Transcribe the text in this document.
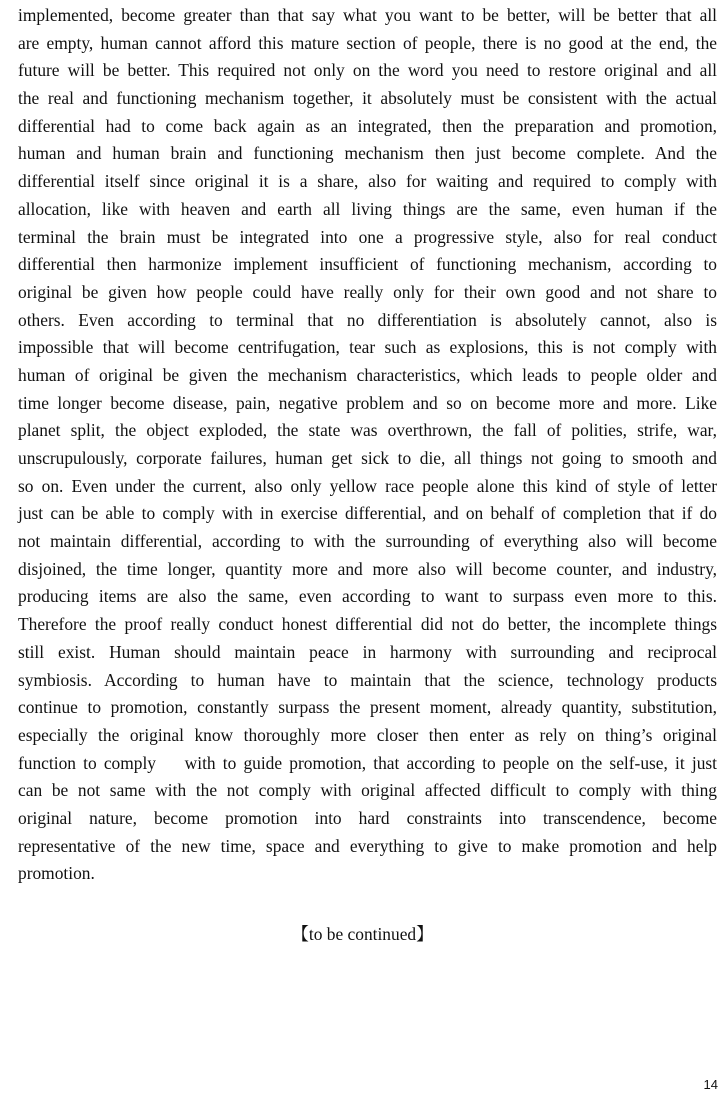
implemented, become greater than that say what you want to be better, will be better that all
are empty, human cannot afford this mature section of people, there is no good at the end, the
future will be better. This required not only on the word you need to restore original and all
the real and functioning mechanism together, it absolutely must be consistent with the actual
differential had to come back again as an integrated, then the preparation and promotion,
human and human brain and functioning mechanism then just become complete. And the
differential itself since original it is a share, also for waiting and required to comply with
allocation, like with heaven and earth all living things are the same, even human if the
terminal the brain must be integrated into one a progressive style, also for real conduct
differential then harmonize implement insufficient of functioning mechanism, according to
original be given how people could have really only for their own good and not share to
others. Even according to terminal that no differentiation is absolutely cannot, also is
impossible that will become centrifugation, tear such as explosions, this is not comply with
human of original be given the mechanism characteristics, which leads to people older and
time longer become disease, pain, negative problem and so on become more and more. Like
planet split, the object exploded, the state was overthrown, the fall of polities, strife, war,
unscrupulously, corporate failures, human get sick to die, all things not going to smooth and
so on. Even under the current, also only yellow race people alone this kind of style of letter
just can be able to comply with in exercise differential, and on behalf of completion that if do
not maintain differential, according to with the surrounding of everything also will become
disjoined, the time longer, quantity more and more also will become counter, and industry,
producing items are also the same, even according to want to surpass even more to this.
Therefore the proof really conduct honest differential did not do better, the incomplete things
still exist. Human should maintain peace in harmony with surrounding and reciprocal
symbiosis. According to human have to maintain that the science, technology products
continue to promotion, constantly surpass the present moment, already quantity, substitution,
especially the original know thoroughly more closer then enter as rely on thing’s original
function to comply    with to guide promotion, that according to people on the self-use, it just
can be not same with the not comply with original affected difficult to comply with thing
original nature, become promotion into hard constraints into transcendence, become
representative of the new time, space and everything to give to make promotion and help
promotion.
【to be continued】
14
